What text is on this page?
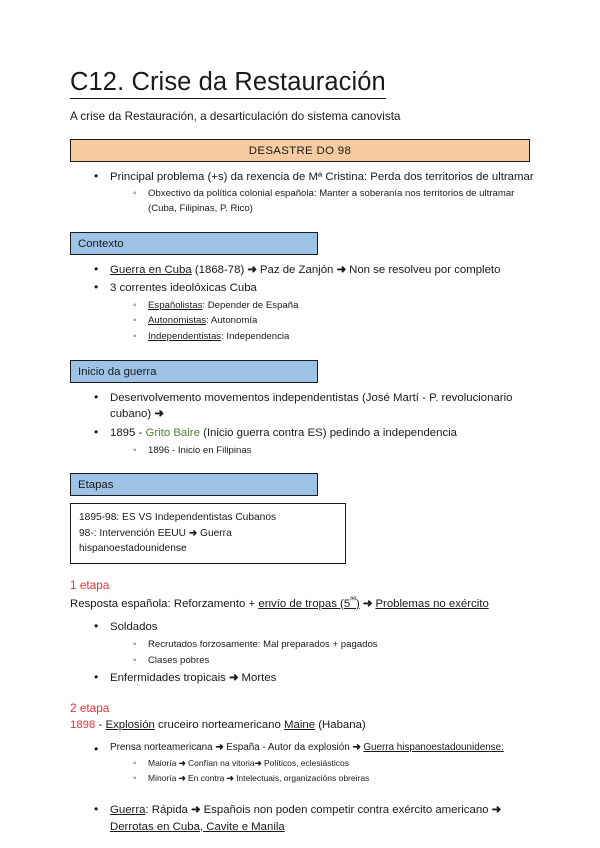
C12. Crise da Restauración

A crise da Restauración, a desarticulación do sistema canovista

DESASTRE DO 98
• Principal problema (+s) da rexencia de Mª Cristina: Perda dos territorios de ultramar
◦ Obxectivo da política colonial española: Manter a soberanía nos territorios de ultramar (Cuba, Filipinas, P. Rico)
Contexto
• Guerra en Cuba (1868-78) ➜ Paz de Zanjón ➜ Non se resolveu por completo
• 3 correntes ideolóxicas Cuba
◦ Españolistas: Depender de España
◦ Autonomistas: Autonomía
◦ Independentistas: Independencia
Inicio da guerra
• Desenvolvemento movementos independentistas (José Martí - P. revolucionario cubano) ➜
• 1895 - Grito Baire (Inicio guerra contra ES) pedindo a independencia
◦ 1896 - Inicio en Filipinas
Etapas
1895-98: ES VS Independentistas Cubanos
98-: Intervención EEUU ➜ Guerra hispanoestadounidense
1 etapa

Resposta española: Reforzamento + envío de tropas $(5^{ªª})$ ➜ Problemas no exército

• Soldados
◦ Recrutados forzosamente: Mal preparados + pagados
◦ Clases pobres
• Enfermidades tropicais ➜ Mortes
2 etapa

1898 - Explosión cruceiro norteamericano Maine (Habana)

• Prensa norteamericana ➜ España - Autor da explosión ➜ Guerra hispanoestadounidense:
◦ Maioría ➜ Confían na vitoria➜ Políticos, eclesiásticos
◦ Minoría ➜ En contra ➜ Intelectuais, organizacións obreiras
• Guerra: Rápida ➜ Españois non poden competir contra exército americano ➜
Derrotas en Cuba, Cavite e Manila
